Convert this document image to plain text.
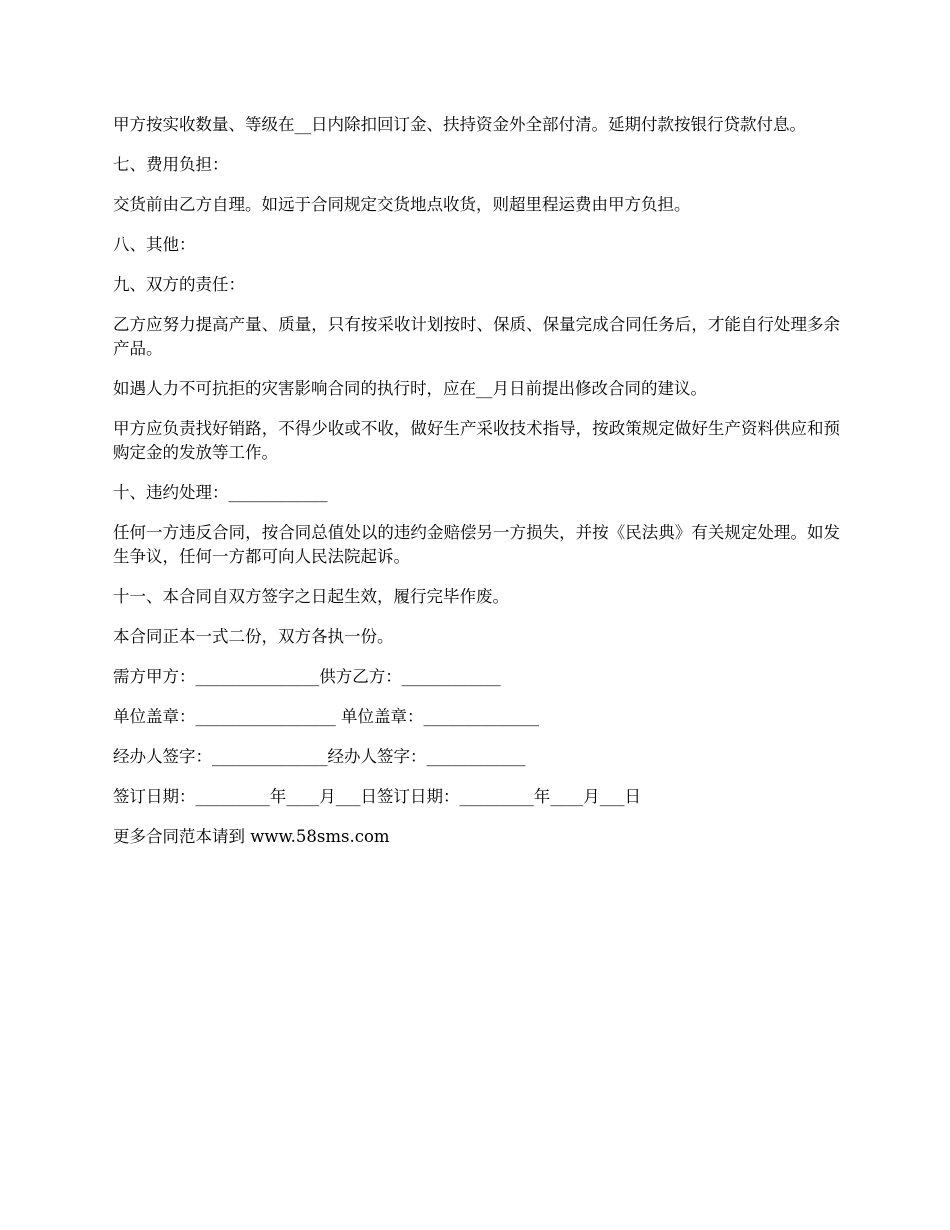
甲方按实收数量、等级在__日内除扣回订金、扶持资金外全部付清。延期付款按银行贷款付息。

七、费用负担：

交货前由乙方自理。如远于合同规定交货地点收货，则超里程运费由甲方负担。

八、其他：

九、双方的责任：

乙方应努力提高产量、质量，只有按采收计划按时、保质、保量完成合同任务后，才能自行处理多余产品。

如遇人力不可抗拒的灾害影响合同的执行时，应在__月日前提出修改合同的建议。

甲方应负责找好销路，不得少收或不收，做好生产采收技术指导，按政策规定做好生产资料供应和预购定金的发放等工作。

十、违约处理：____________

任何一方违反合同，按合同总值处以的违约金赔偿另一方损失，并按《民法典》有关规定处理。如发生争议，任何一方都可向人民法院起诉。

十一、本合同自双方签字之日起生效，履行完毕作废。

本合同正本一式二份，双方各执一份。

需方甲方：_______________供方乙方：____________

单位盖章：_________________ 单位盖章：______________

经办人签字：______________经办人签字：____________

签订日期：_________年____月___日签订日期：_________年____月___日

更多合同范本请到 www.58sms.com
